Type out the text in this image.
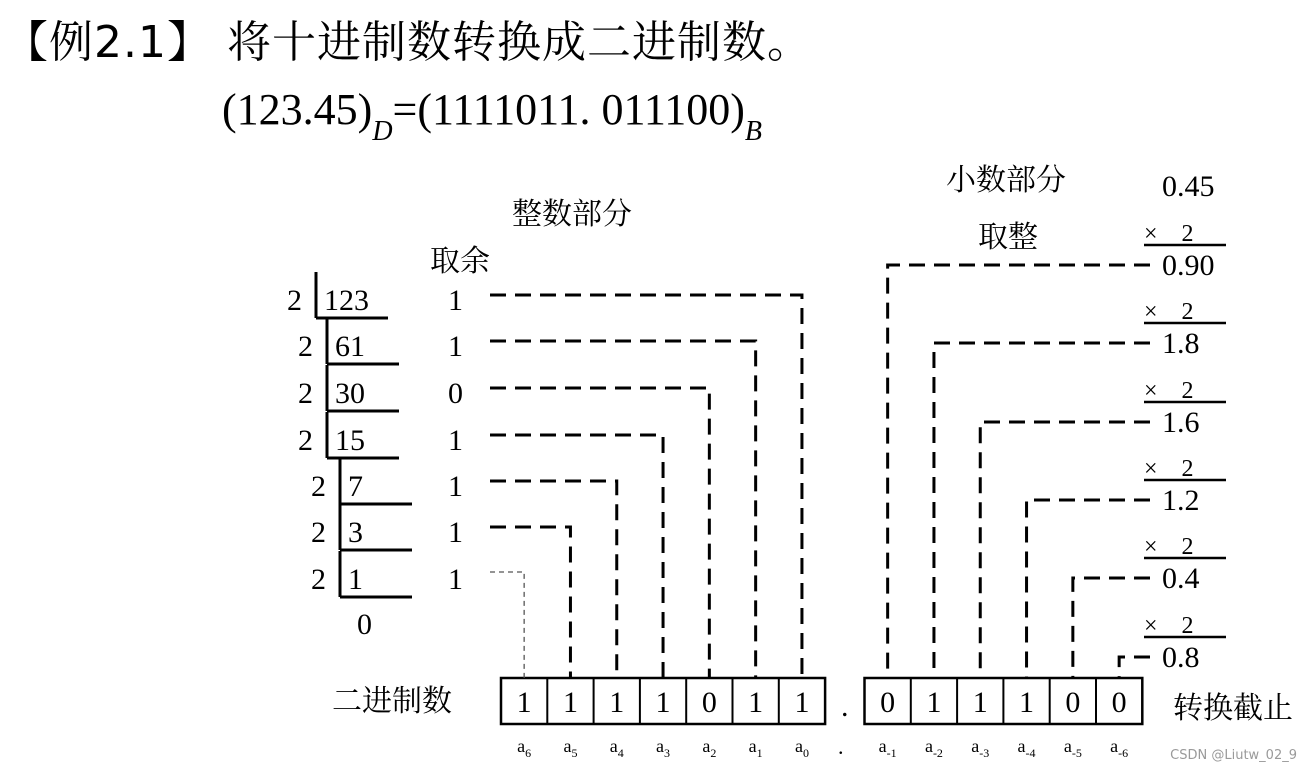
【例2.1】 将十进制数转换成二进制数。
$(123.45)_D=(1111011$. $011100)_B$
整数部分
取余
小数部分
取整
0.45
二进制数	转换截止
.
.
2 123	1
2 61	1
2 30	0
2 15	1
2 7	1
2 3	1
2 1	1
0
1 1 1 1 0 1 1 0 1 1 1 0 0
$a_6$ $a_5$ $a_4$ $a_3$ $a_2$ $a_1$ $a_0$	$a_{-1}$ $a_{-2}$ $a_{-3}$ $a_{-4}$ $a_{-5}$ $a_{-6}$
× 2
0.90
× 2
1.8
× 2
1.6
× 2
1.2
× 2
0.4
× 2
0.8
CSDN @Liutw_02_9
